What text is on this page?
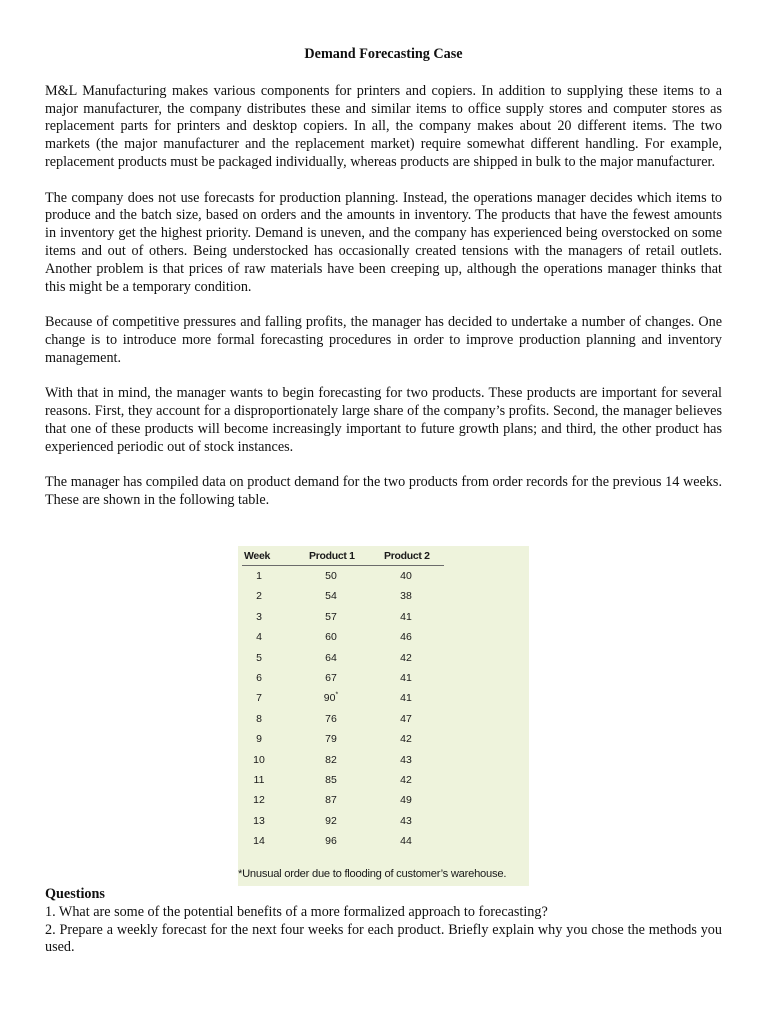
Demand Forecasting Case

M&L Manufacturing makes various components for printers and copiers. In addition to supplying these items to a major manufacturer, the company distributes these and similar items to office supply stores and computer stores as replacement parts for printers and desktop copiers. In all, the company makes about 20 different items. The two markets (the major manufacturer and the replacement market) require somewhat different handling. For example, replacement products must be packaged individually, whereas products are shipped in bulk to the major manufacturer.

The company does not use forecasts for production planning. Instead, the operations manager decides which items to produce and the batch size, based on orders and the amounts in inventory. The products that have the fewest amounts in inventory get the highest priority. Demand is uneven, and the company has experienced being overstocked on some items and out of others. Being understocked has occasionally created tensions with the managers of retail outlets. Another problem is that prices of raw materials have been creeping up, although the operations manager thinks that this might be a temporary condition.

Because of competitive pressures and falling profits, the manager has decided to undertake a number of changes. One change is to introduce more formal forecasting procedures in order to improve production planning and inventory management.

With that in mind, the manager wants to begin forecasting for two products. These products are important for several reasons. First, they account for a disproportionately large share of the company’s profits. Second, the manager believes that one of these products will become increasingly important to future growth plans; and third, the other product has experienced periodic out of stock instances.

The manager has compiled data on product demand for the two products from order records for the previous 14 weeks. These are shown in the following table.

Week	Product 1	Product 2
1	50	40
2	54	38
3	57	41
4	60	46
5	64	42
6	67	41
7	90*	41
8	76	47
9	79	42
10	82	43
11	85	42
12	87	49
13	92	43
14	96	44
*Unusual order due to flooding of customer’s warehouse.

Questions

1. What are some of the potential benefits of a more formalized approach to forecasting?

2. Prepare a weekly forecast for the next four weeks for each product. Briefly explain why you chose the methods you used.
